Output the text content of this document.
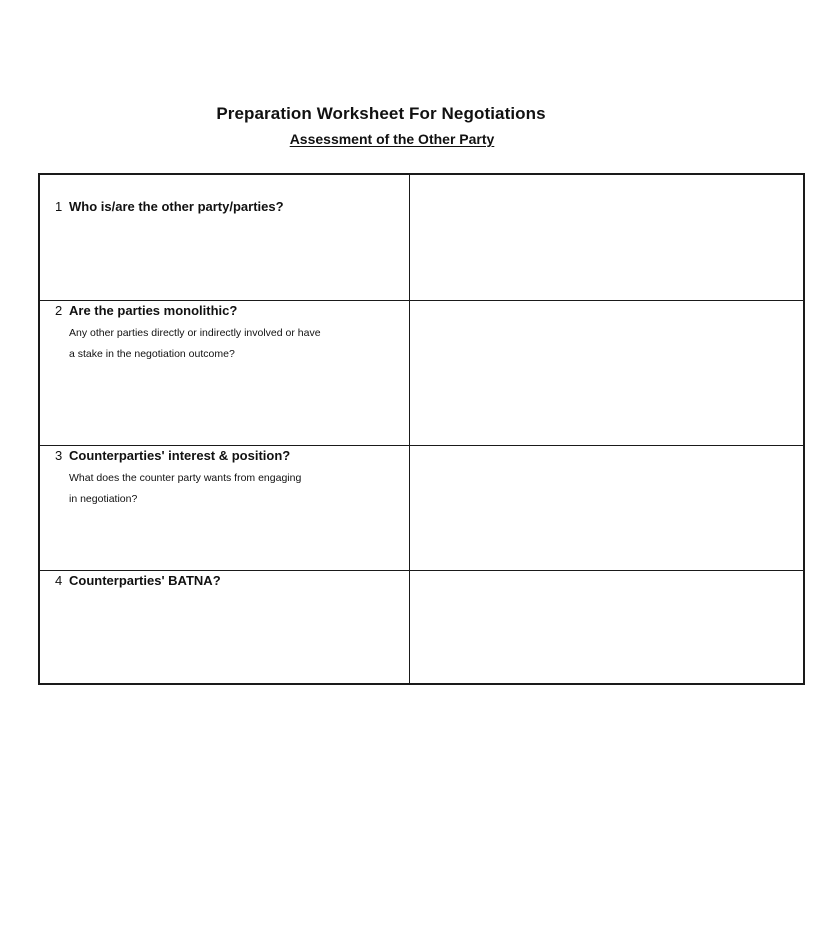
Preparation Worksheet For Negotiations
Assessment of the Other Party
1 Who is/are the other party/parties?
2 Are the parties monolithic?
Any other parties directly or indirectly involved or have
a stake in the negotiation outcome?
3 Counterparties' interest & position?
What does the counter party wants from engaging
in negotiation?
4 Counterparties' BATNA?
